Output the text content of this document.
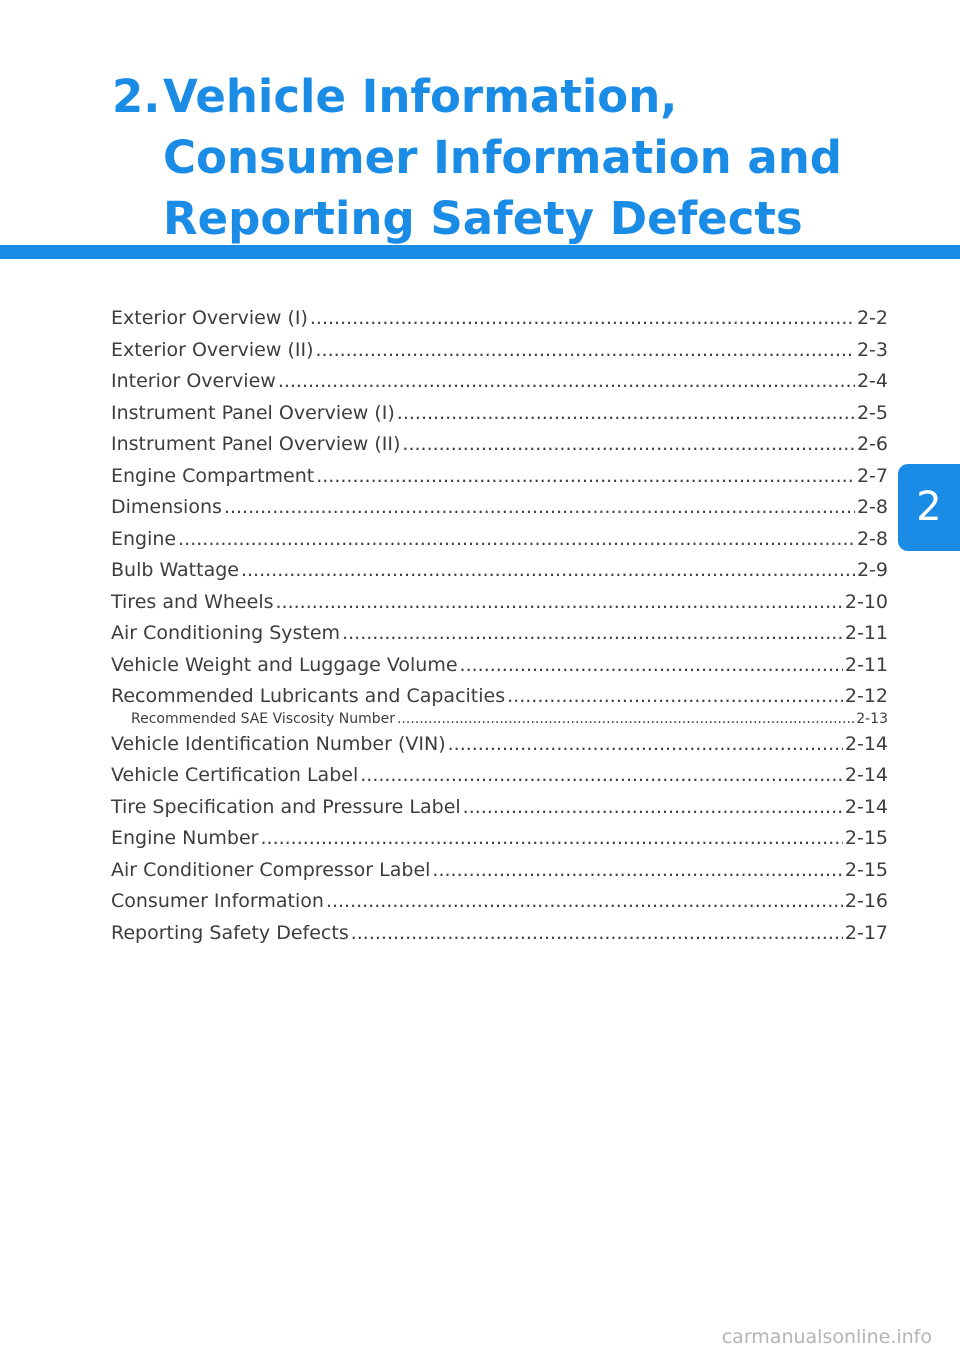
2. Vehicle Information,
Consumer Information and
Reporting Safety Defects
Exterior Overview (I) .....	2-2
Exterior Overview (II) .....	2-3
Interior Overview .....	2-4
Instrument Panel Overview (I) .....	2-5
Instrument Panel Overview (II) .....	2-6
Engine Compartment .....	2-7
Dimensions .....	2-8
Engine .....	2-8
Bulb Wattage .....	2-9
Tires and Wheels .....	2-10
Air Conditioning System .....	2-11
Vehicle Weight and Luggage Volume .....	2-11
Recommended Lubricants and Capacities .....	2-12
Recommended SAE Viscosity Number .....	2-13
Vehicle Identification Number (VIN) .....	2-14
Vehicle Certification Label .....	2-14
Tire Specification and Pressure Label .....	2-14
Engine Number .....	2-15
Air Conditioner Compressor Label .....	2-15
Consumer Information .....	2-16
Reporting Safety Defects .....	2-17
2
carmanualsonline.info
